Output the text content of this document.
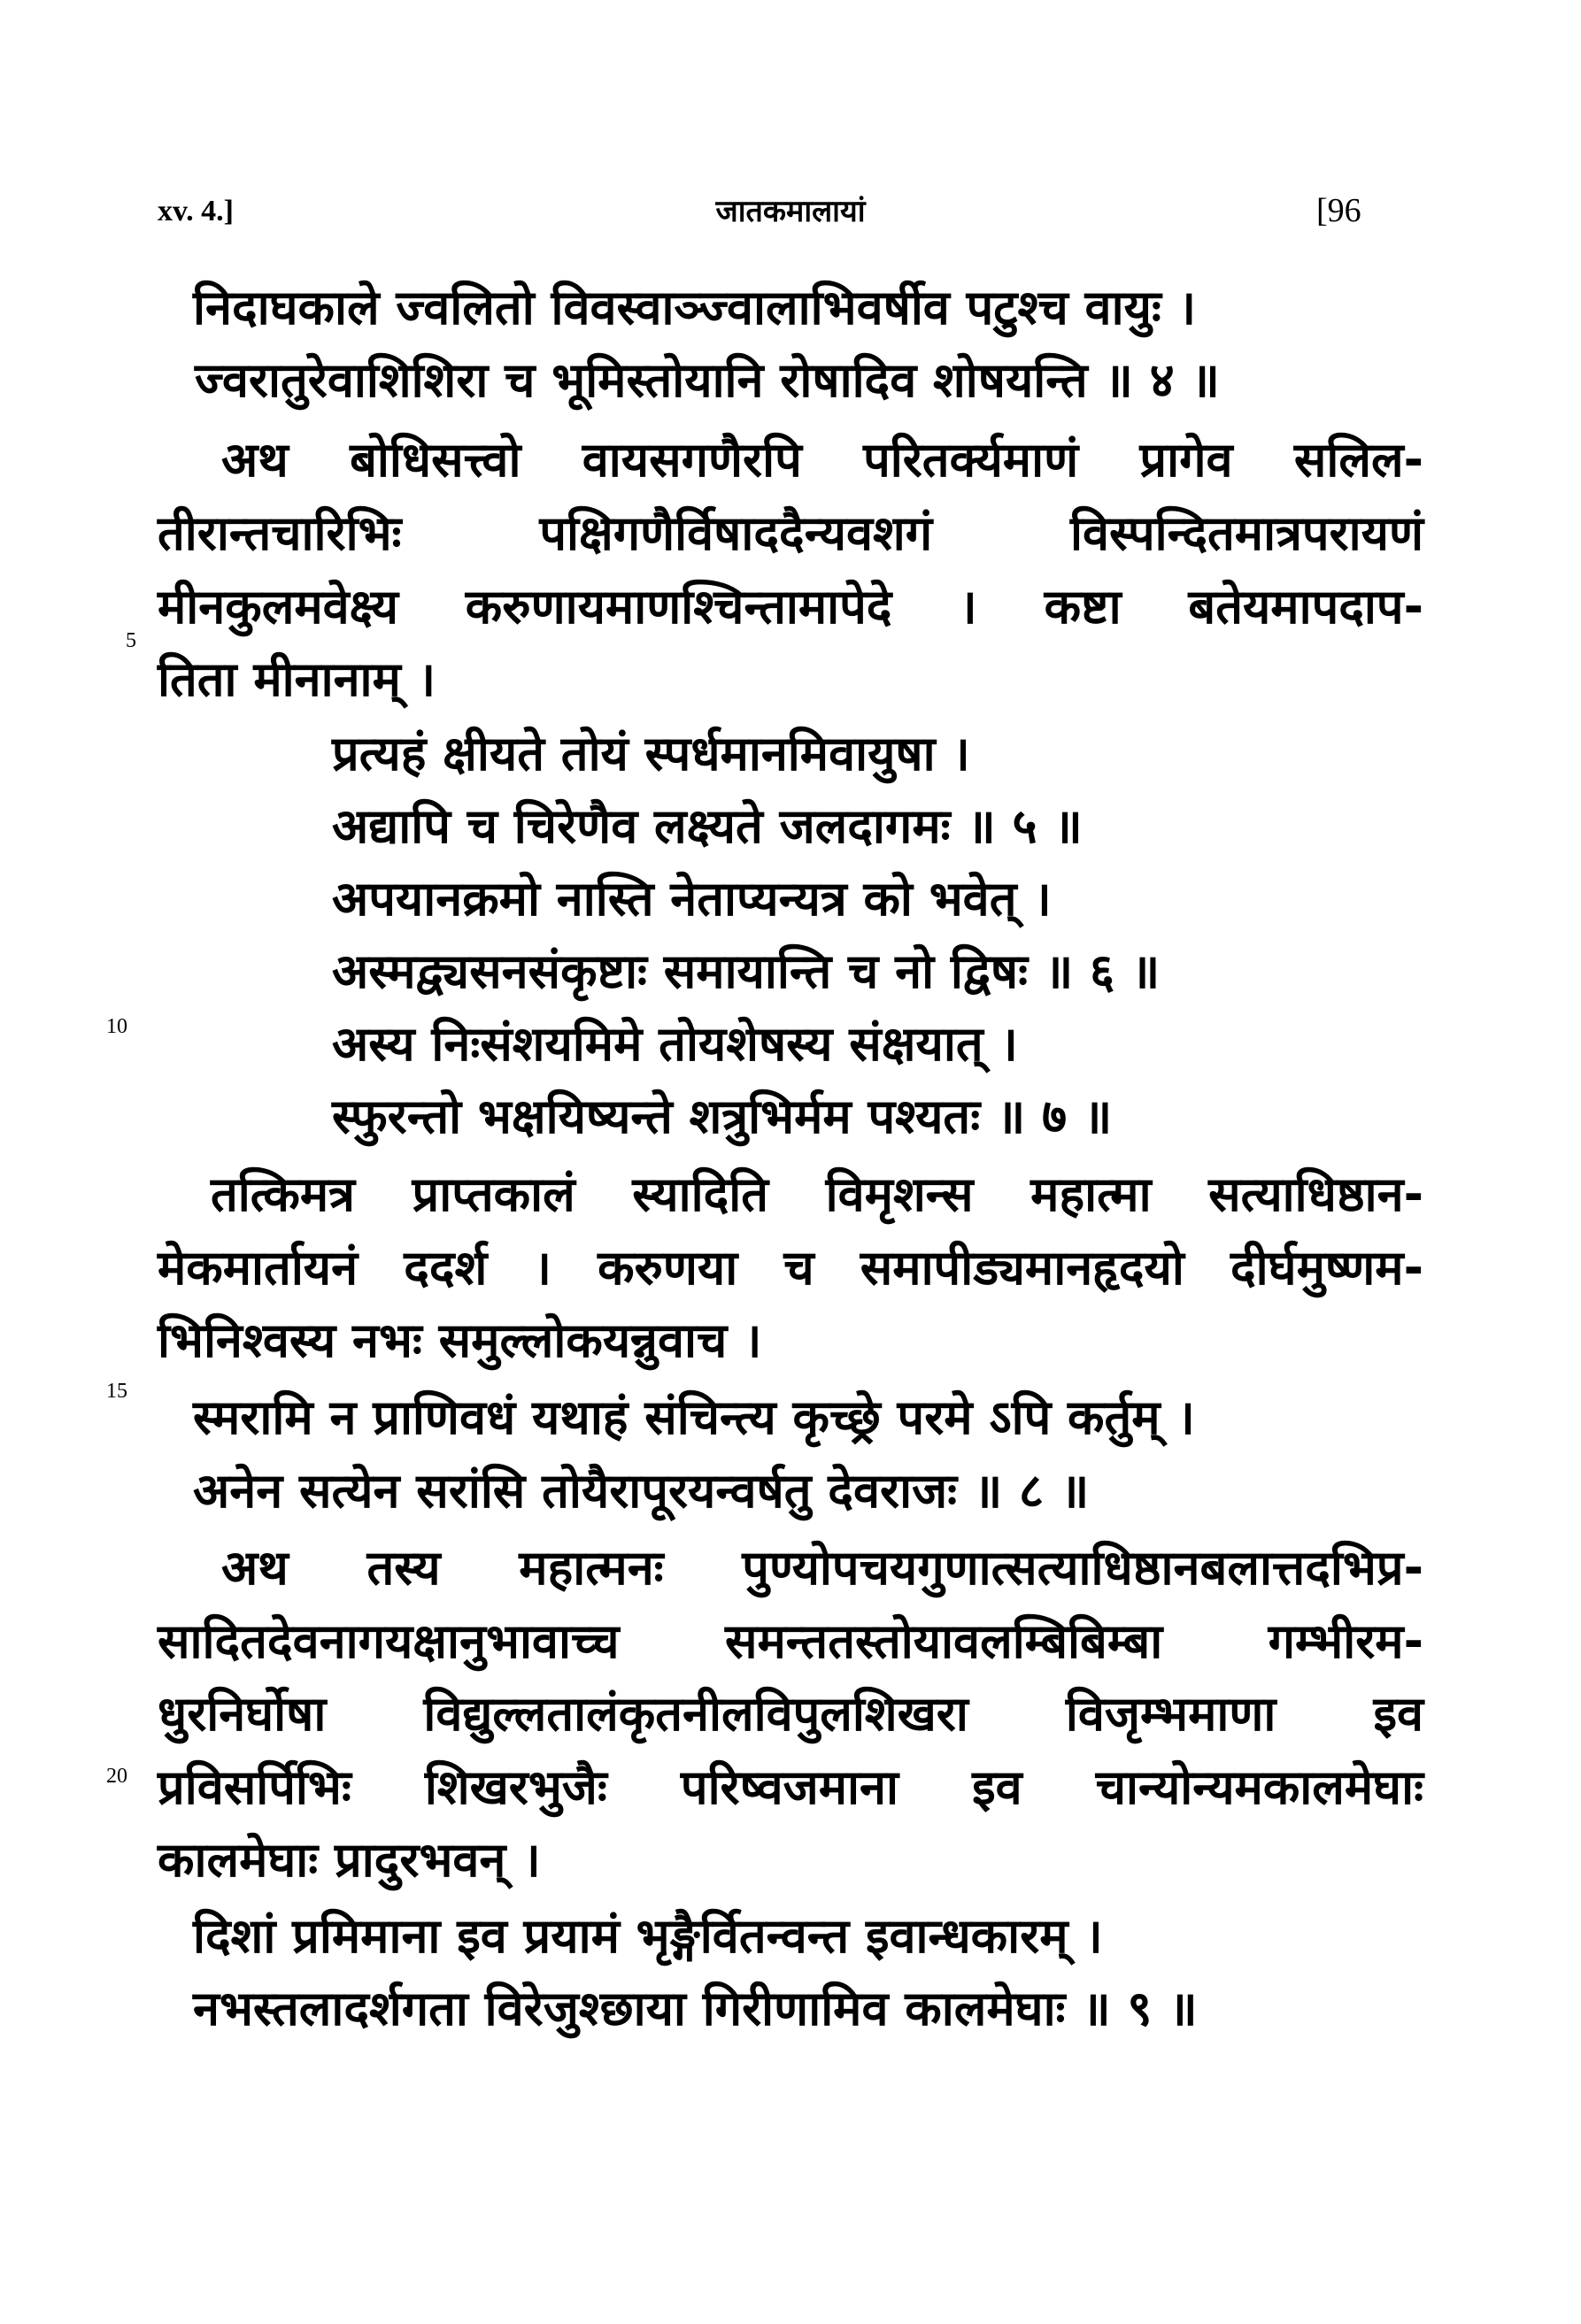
xv. 4.]	जातकमालायां	[96
निदाघकाले ज्वलितो विवस्वाञ्ज्वालाभिवर्षीव पटुश्च वायुः ।
ज्वरातुरेवाशिशिरा च भूमिस्तोयानि रोषादिव शोषयन्ति ॥ ४ ॥
अथ बोधिसत्त्वो वायसगणैरपि परितर्क्यमाणं प्रागेव सलिल-
तीरान्तचारिभिः पक्षिगणैर्विषाददैन्यवशगं विस्पन्दितमात्रपरायणं
मीनकुलमवेक्ष्य करुणायमाणश्चिन्तामापेदे । कष्टा बतेयमापदाप-
तिता मीनानाम् ।
प्रत्यहं क्षीयते तोयं स्पर्धमानमिवायुषा ।
अद्यापि च चिरेणैव लक्ष्यते जलदागमः ॥ ५ ॥
अपयानक्रमो नास्ति नेताप्यन्यत्र को भवेत् ।
अस्मद्व्यसनसंकृष्टाः समायान्ति च नो द्विषः ॥ ६ ॥
अस्य निःसंशयमिमे तोयशेषस्य संक्षयात् ।
स्फुरन्तो भक्षयिष्यन्ते शत्रुभिर्मम पश्यतः ॥ ७ ॥
तत्किमत्र प्राप्तकालं स्यादिति विमृशन्स महात्मा सत्याधिष्ठान-
मेकमार्तायनं ददर्श । करुणया च समापीड्यमानहृदयो दीर्घमुष्णम-
भिनिश्वस्य नभः समुल्लोकयन्नुवाच ।
स्मरामि न प्राणिवधं यथाहं संचिन्त्य कृच्छ्रे परमे ऽपि कर्तुम् ।
अनेन सत्येन सरांसि तोयैरापूरयन्वर्षतु देवराजः ॥ ८ ॥
अथ तस्य महात्मनः पुण्योपचयगुणात्सत्याधिष्ठानबलात्तदभिप्र-
सादितदेवनागयक्षानुभावाच्च समन्ततस्तोयावलम्बिबिम्बा गम्भीरम-
धुरनिर्घोषा विद्युल्लतालंकृतनीलविपुलशिखरा विजृम्भमाणा इव
प्रविसर्पिभिः शिखरभुजैः परिष्वजमाना इव चान्योन्यमकालमेघाः
कालमेघाः प्रादुरभवन् ।
दिशां प्रमिमाना इव प्रयामं भृङ्गैर्वितन्वन्त इवान्धकारम् ।
नभस्तलादर्शगता विरेजुश्छाया गिरीणामिव कालमेघाः ॥ ९ ॥
5
10
15
20
